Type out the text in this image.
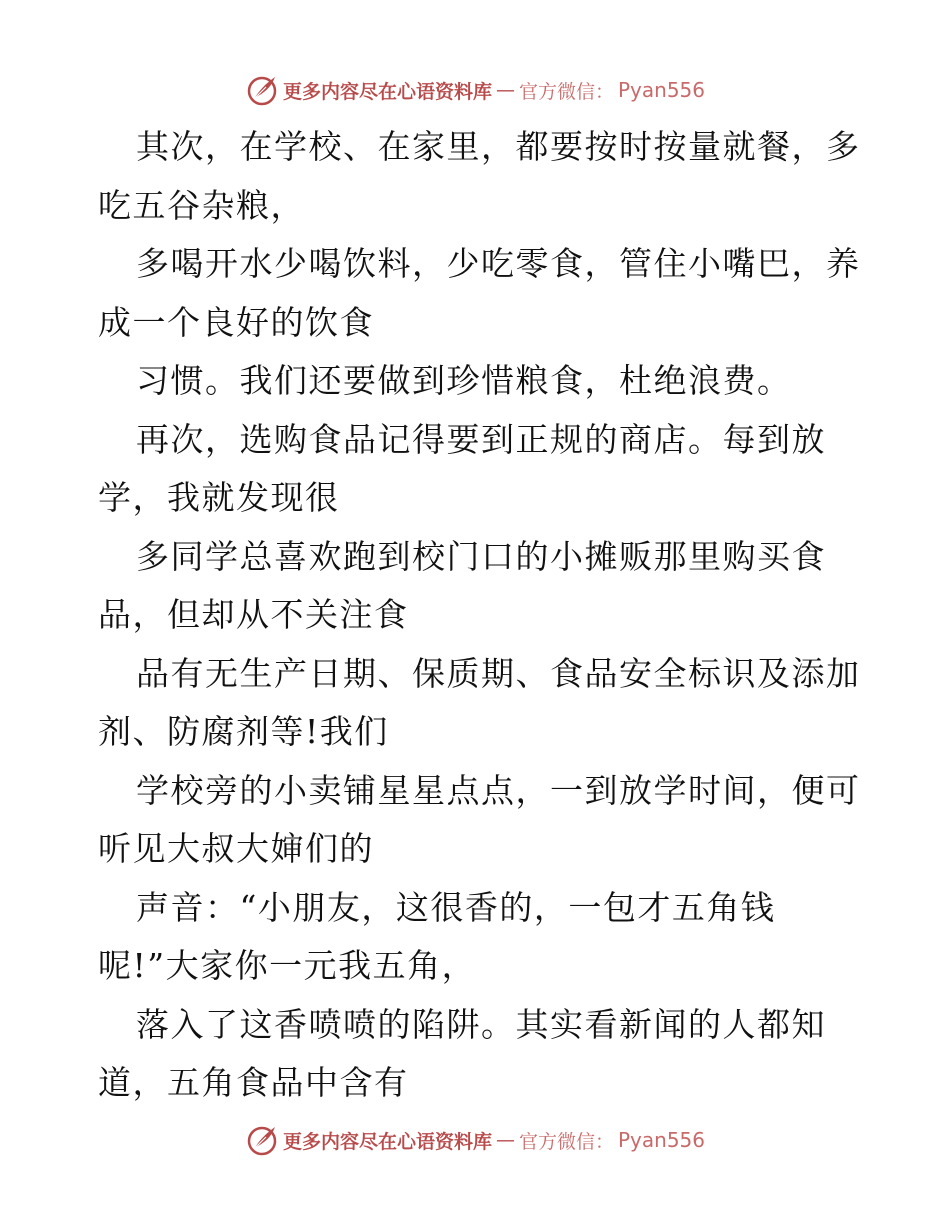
更多内容尽在心语资料库 — 官方微信： Pyan556
其次，在学校、在家里，都要按时按量就餐，多
吃五谷杂粮，
多喝开水少喝饮料，少吃零食，管住小嘴巴，养
成一个良好的饮食
习惯。我们还要做到珍惜粮食，杜绝浪费。
再次，选购食品记得要到正规的商店。每到放
学，我就发现很
多同学总喜欢跑到校门口的小摊贩那里购买食
品，但却从不关注食
品有无生产日期、保质期、食品安全标识及添加
剂、防腐剂等!我们
学校旁的小卖铺星星点点，一到放学时间，便可
听见大叔大婶们的
声音：“小朋友，这很香的，一包才五角钱
呢!”大家你一元我五角，
落入了这香喷喷的陷阱。其实看新闻的人都知
道，五角食品中含有
更多内容尽在心语资料库 — 官方微信： Pyan556
